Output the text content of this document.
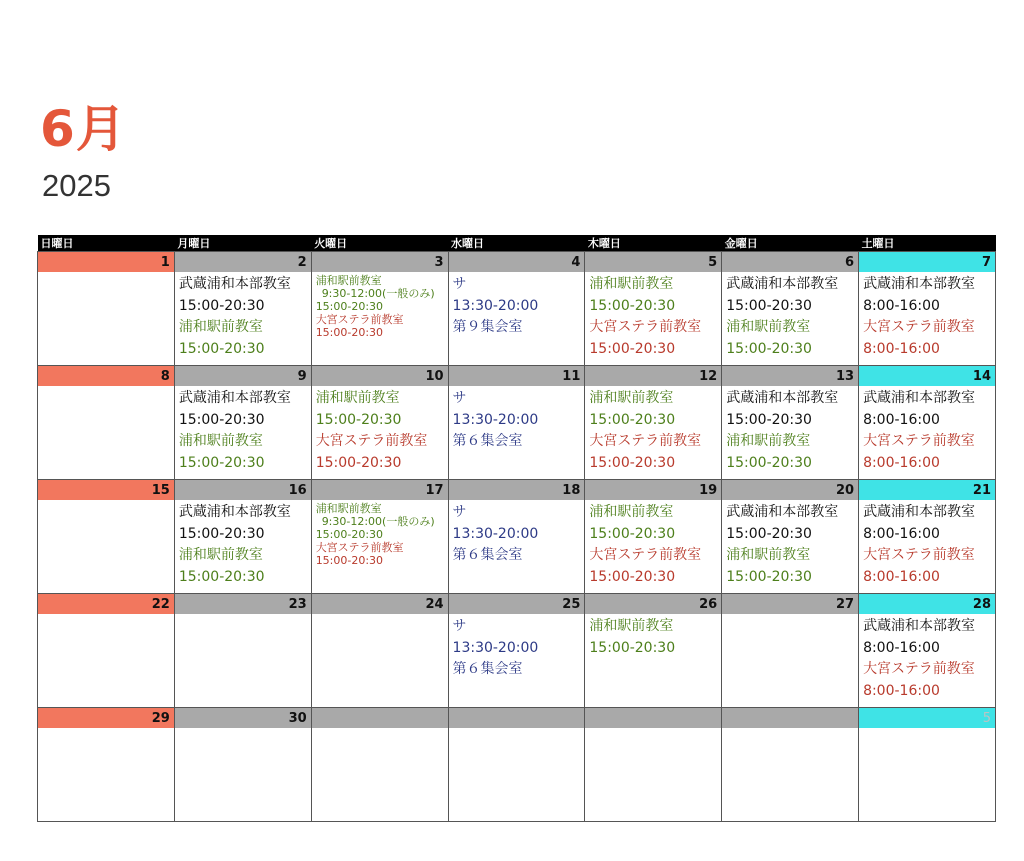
6月
2025
日曜日	月曜日	火曜日	水曜日	木曜日	金曜日	土曜日
1	2	3	4	5	6	7

	武蔵浦和本部教室
15:00-20:30
浦和駅前教室
15:00-20:30	浦和駅前教室
9:30-12:00(一般のみ)
15:00-20:30
大宮ステラ前教室
15:00-20:30	サ
13:30-20:00
第９集会室	浦和駅前教室
15:00-20:30
大宮ステラ前教室
15:00-20:30	武蔵浦和本部教室
15:00-20:30
浦和駅前教室
15:00-20:30	武蔵浦和本部教室
8:00-16:00
大宮ステラ前教室
8:00-16:00

8	9	10	11	12	13	14

	武蔵浦和本部教室
15:00-20:30
浦和駅前教室
15:00-20:30	浦和駅前教室
15:00-20:30
大宮ステラ前教室
15:00-20:30	サ
13:30-20:00
第６集会室	浦和駅前教室
15:00-20:30
大宮ステラ前教室
15:00-20:30	武蔵浦和本部教室
15:00-20:30
浦和駅前教室
15:00-20:30	武蔵浦和本部教室
8:00-16:00
大宮ステラ前教室
8:00-16:00

15	16	17	18	19	20	21

	武蔵浦和本部教室
15:00-20:30
浦和駅前教室
15:00-20:30	浦和駅前教室
9:30-12:00(一般のみ)
15:00-20:30
大宮ステラ前教室
15:00-20:30	サ
13:30-20:00
第６集会室	浦和駅前教室
15:00-20:30
大宮ステラ前教室
15:00-20:30	武蔵浦和本部教室
15:00-20:30
浦和駅前教室
15:00-20:30	武蔵浦和本部教室
8:00-16:00
大宮ステラ前教室
8:00-16:00

22	23	24	25	26	27	28

			サ
13:30-20:00
第６集会室	浦和駅前教室
15:00-20:30		武蔵浦和本部教室
8:00-16:00
大宮ステラ前教室
8:00-16:00

29	30					5
